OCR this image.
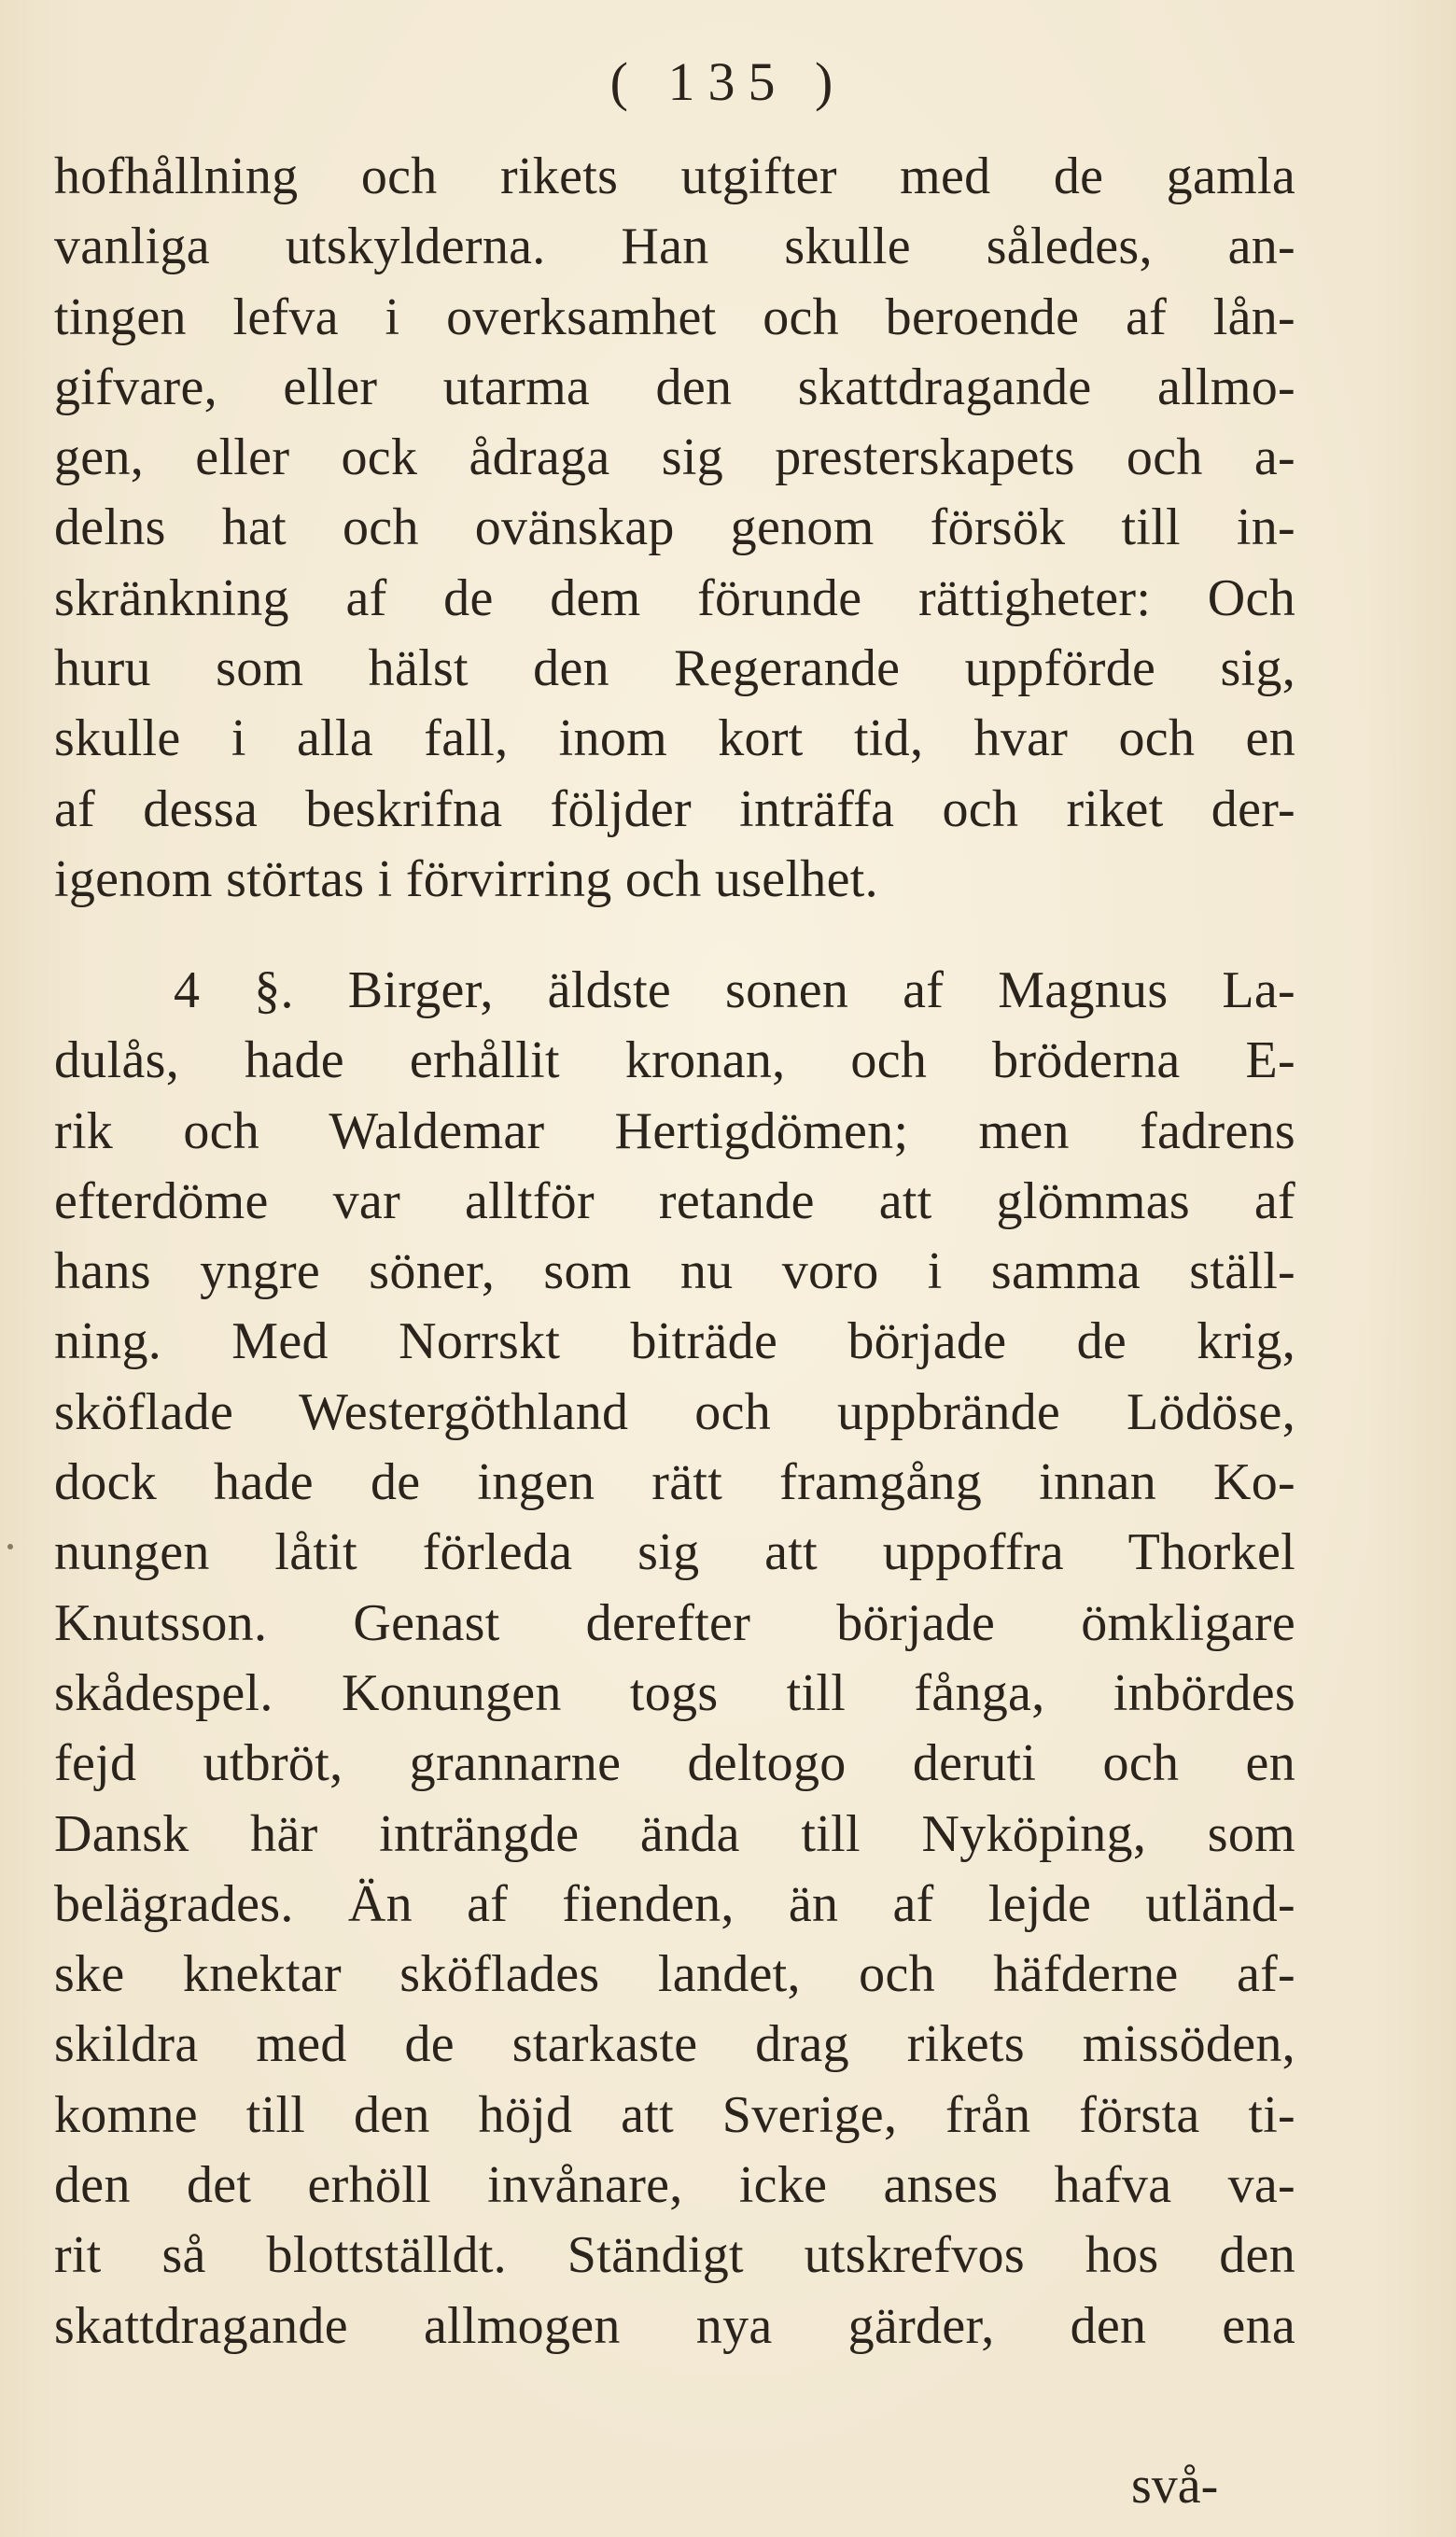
( 135 )
hofhållning och rikets utgifter med de gamla
vanliga utskylderna. Han skulle således, an-
tingen lefva i overksamhet och beroende af lån-
gifvare, eller utarma den skattdragande allmo-
gen, eller ock ådraga sig presterskapets och a-
delns hat och ovänskap genom försök till in-
skränkning af de dem förunde rättigheter: Och
huru som hälst den Regerande uppförde sig,
skulle i alla fall, inom kort tid, hvar och en
af dessa beskrifna följder inträffa och riket der-
igenom störtas i förvirring och uselhet.
4 §. Birger, äldste sonen af Magnus La-
dulås, hade erhållit kronan, och bröderna E-
rik och Waldemar Hertigdömen; men fadrens
efterdöme var alltför retande att glömmas af
hans yngre söner, som nu voro i samma ställ-
ning. Med Norrskt biträde började de krig,
sköflade Westergöthland och uppbrände Lödöse,
dock hade de ingen rätt framgång innan Ko-
nungen låtit förleda sig att uppoffra Thorkel
Knutsson. Genast derefter började ömkligare
skådespel. Konungen togs till fånga, inbördes
fejd utbröt, grannarne deltogo deruti och en
Dansk här inträngde ända till Nyköping, som
belägrades. Än af fienden, än af lejde utländ-
ske knektar sköflades landet, och häfderne af-
skildra med de starkaste drag rikets missöden,
komne till den höjd att Sverige, från första ti-
den det erhöll invånare, icke anses hafva va-
rit så blottställdt. Ständigt utskrefvos hos den
skattdragande allmogen nya gärder, den ena
svå-
